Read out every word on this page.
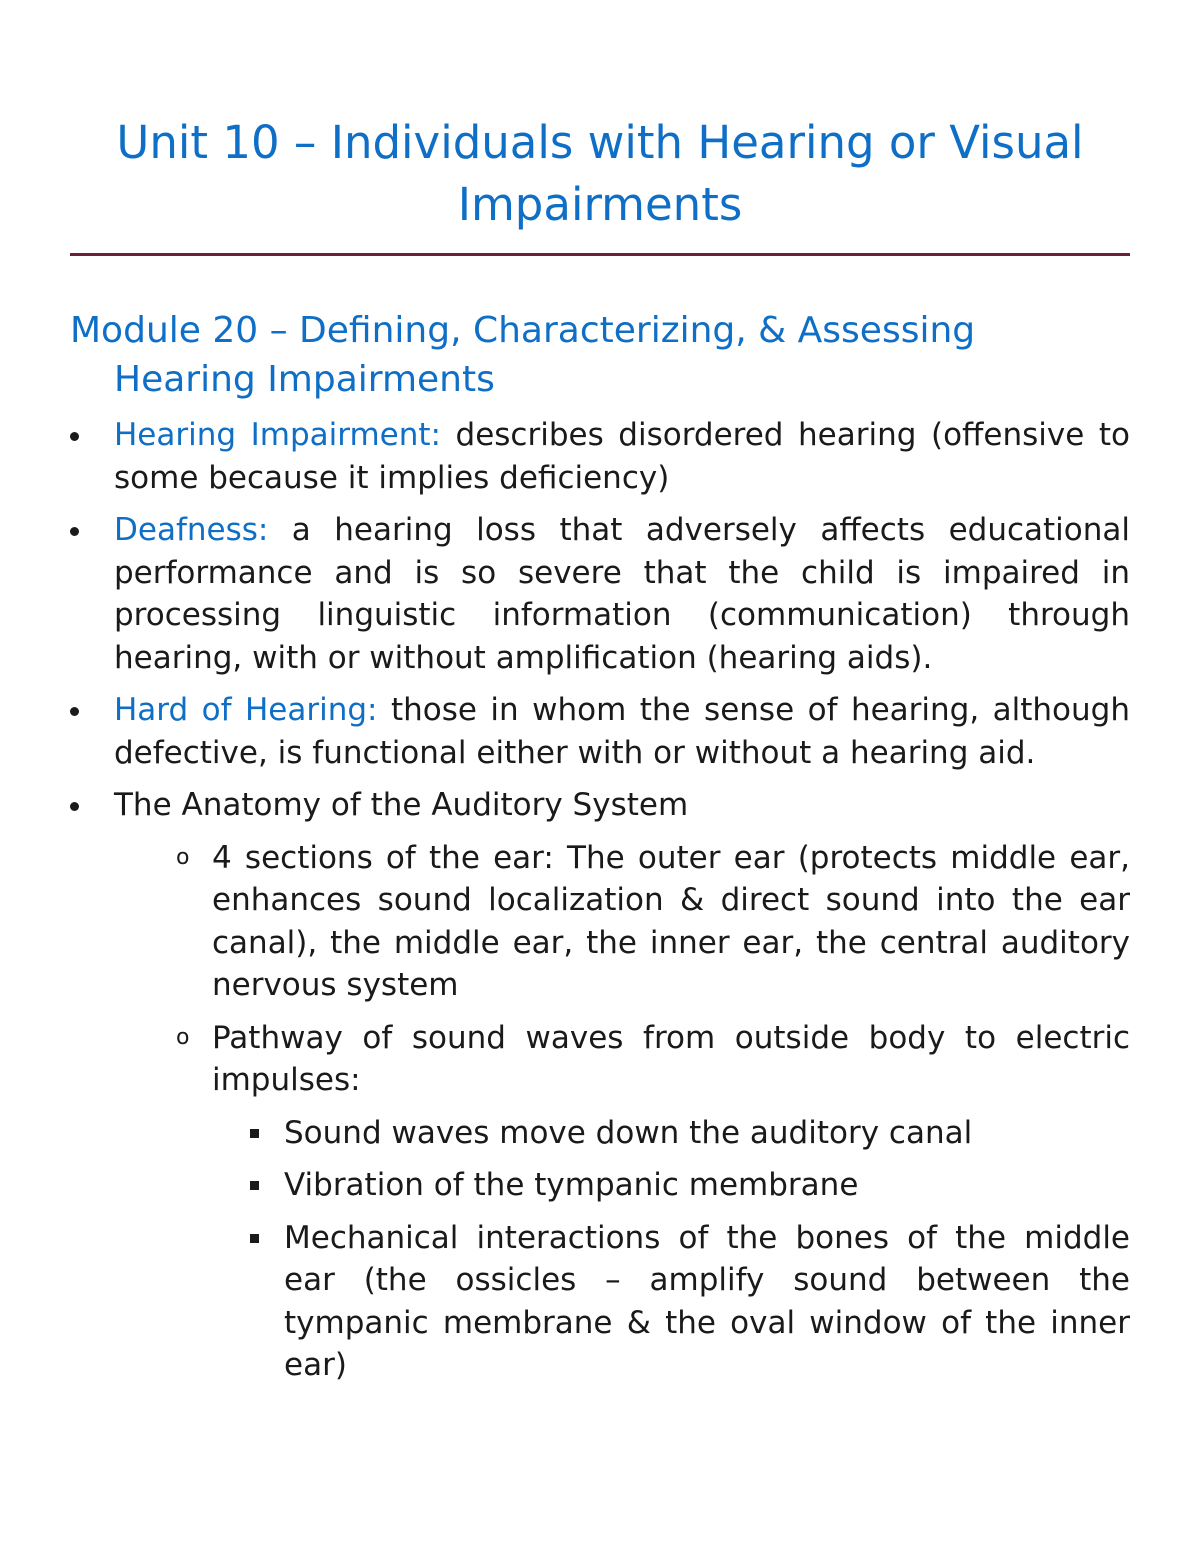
Unit 10 – Individuals with Hearing or Visual Impairments
Module 20 – Defining, Characterizing, & Assessing
Hearing Impairments
Hearing Impairment: describes disordered hearing (offensive to some because it implies deficiency)
Deafness: a hearing loss that adversely affects educational performance and is so severe that the child is impaired in processing linguistic information (communication) through hearing, with or without amplification (hearing aids).
Hard of Hearing: those in whom the sense of hearing, although defective, is functional either with or without a hearing aid.
The Anatomy of the Auditory System
o 4 sections of the ear: The outer ear (protects middle ear, enhances sound localization & direct sound into the ear canal), the middle ear, the inner ear, the central auditory nervous system
o Pathway of sound waves from outside body to electric impulses:
Sound waves move down the auditory canal
Vibration of the tympanic membrane
Mechanical interactions of the bones of the middle ear (the ossicles – amplify sound between the tympanic membrane & the oval window of the inner ear)
